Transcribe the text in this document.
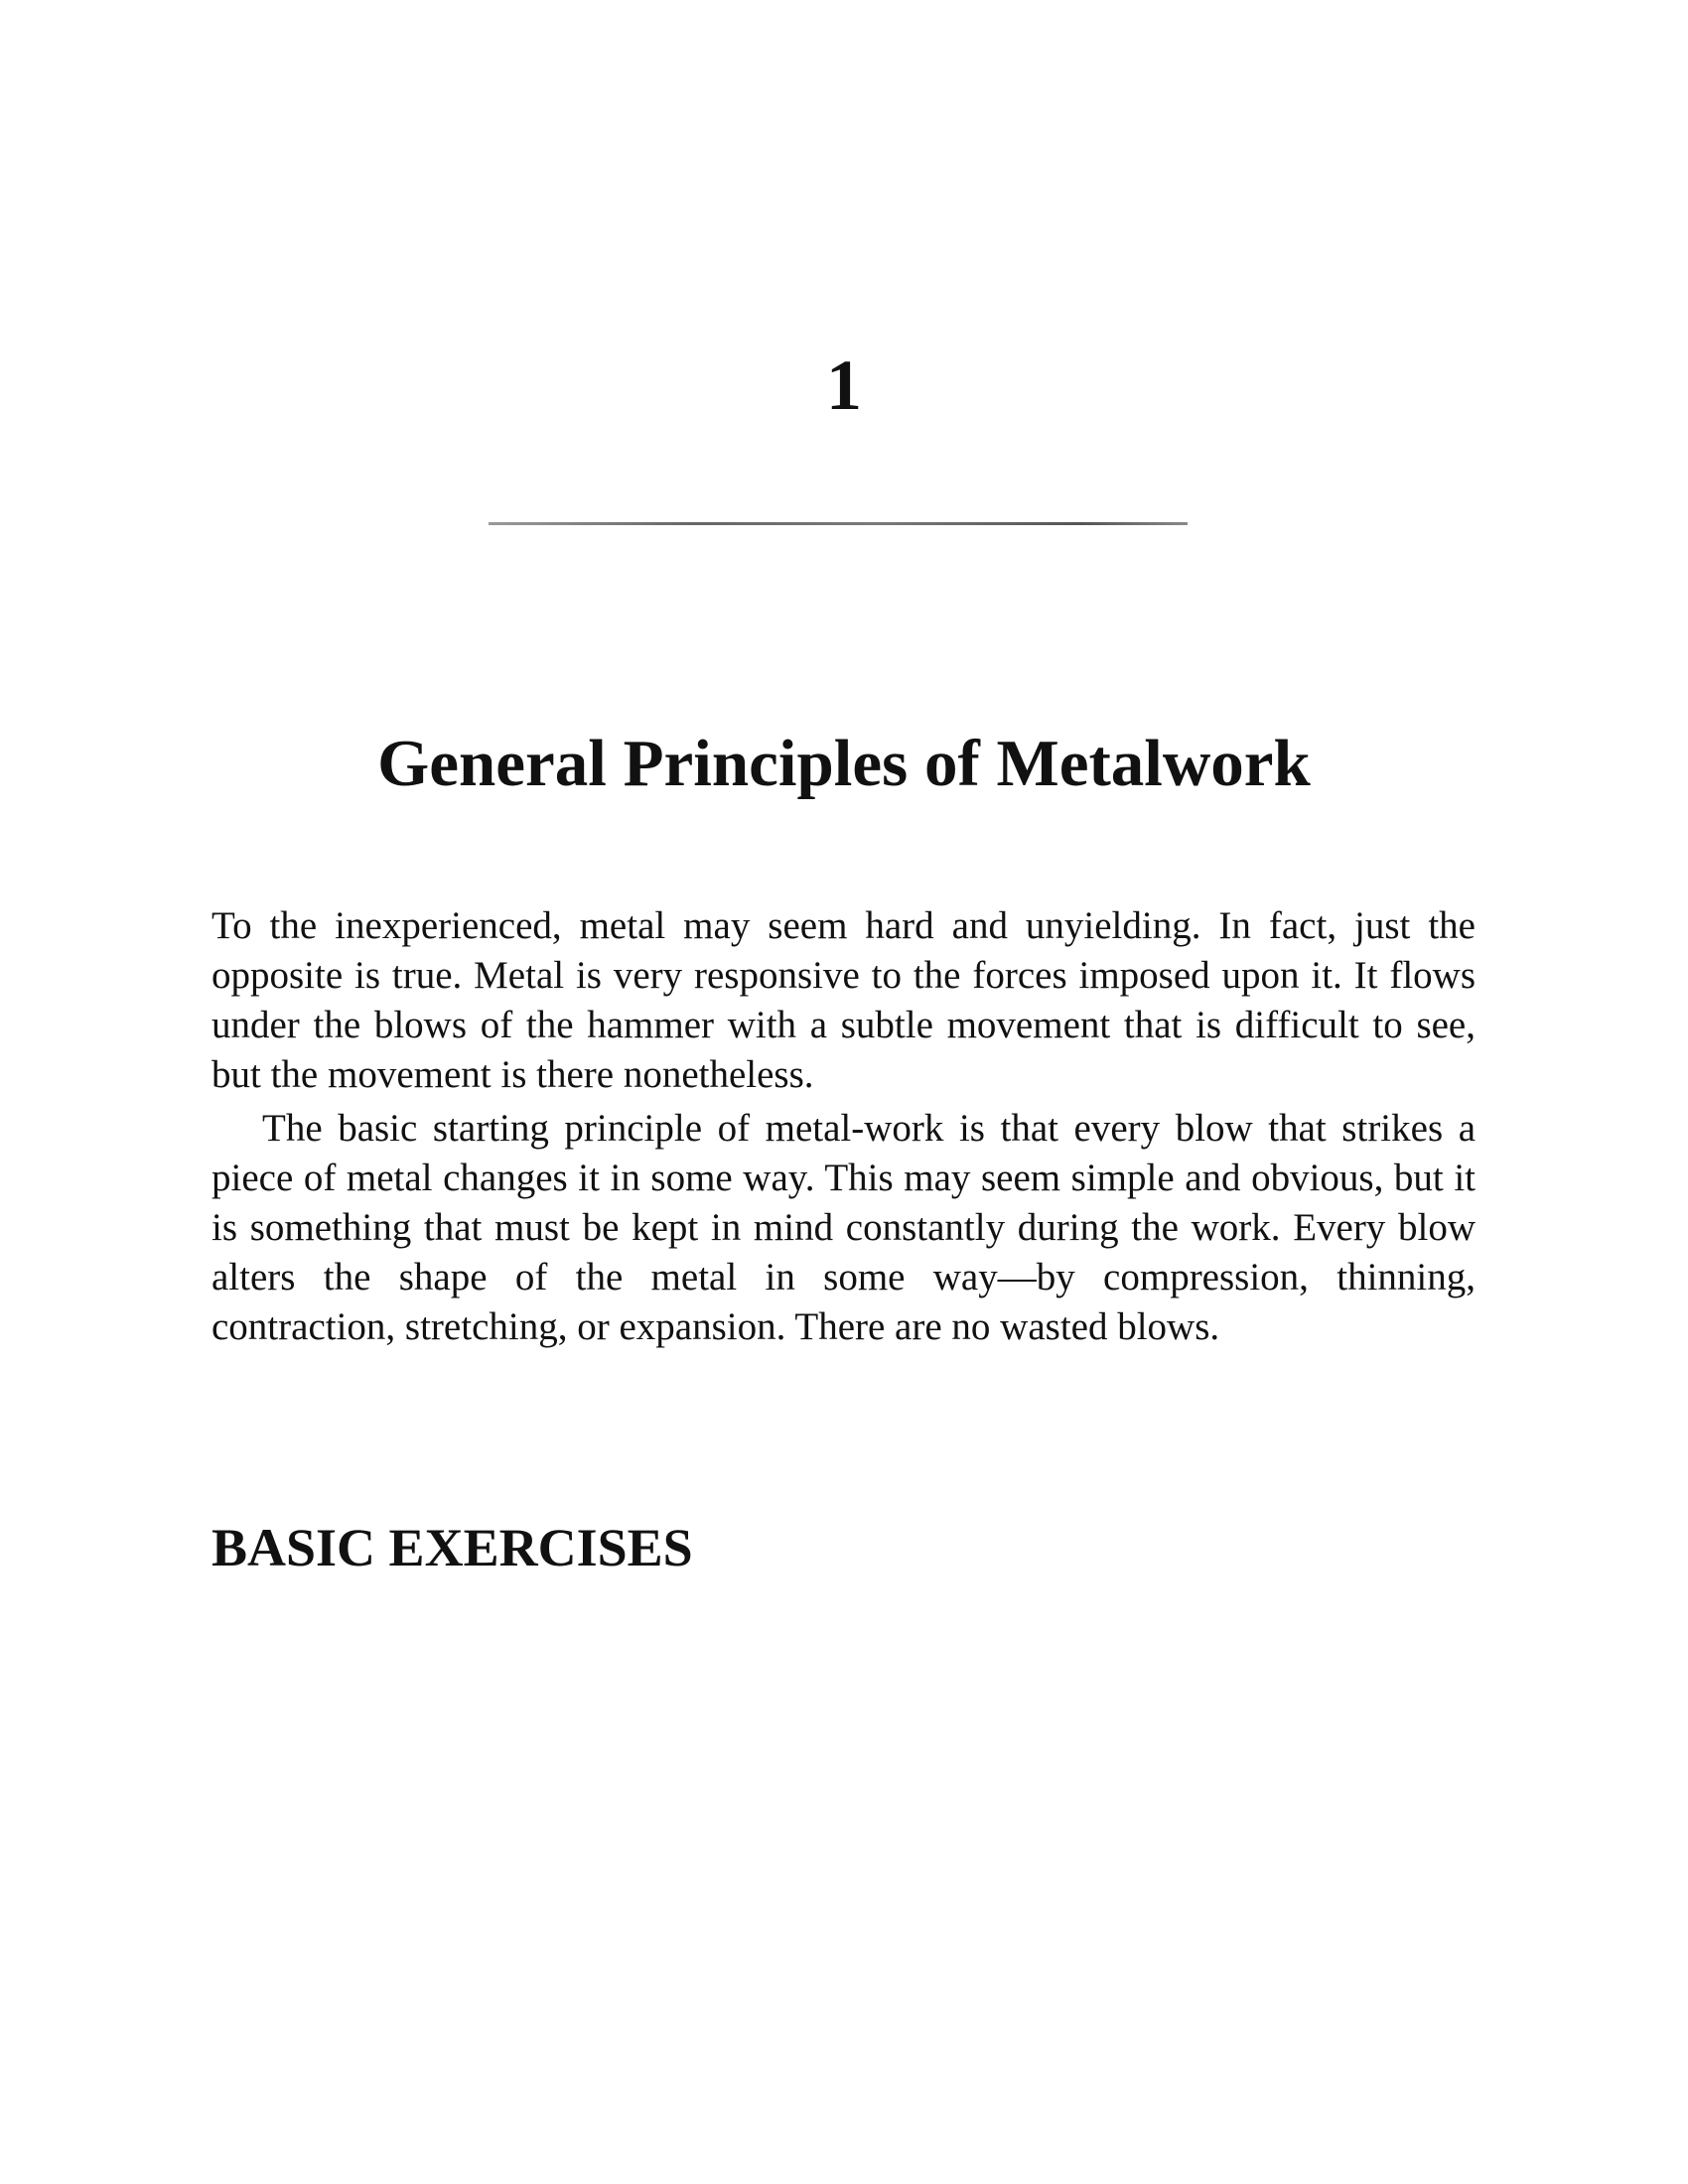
1
General Principles of Metalwork

To the inexperienced, metal may seem hard and unyielding. In fact, just the opposite is true. Metal is very responsive to the forces imposed upon it. It flows under the blows of the hammer with a subtle movement that is difficult to see, but the movement is there nonetheless.

The basic starting principle of metal-work is that every blow that strikes a piece of metal changes it in some way. This may seem simple and obvious, but it is something that must be kept in mind constantly during the work. Every blow alters the shape of the metal in some way—by compression, thinning, contraction, stretching, or expansion. There are no wasted blows.

BASIC EXERCISES
